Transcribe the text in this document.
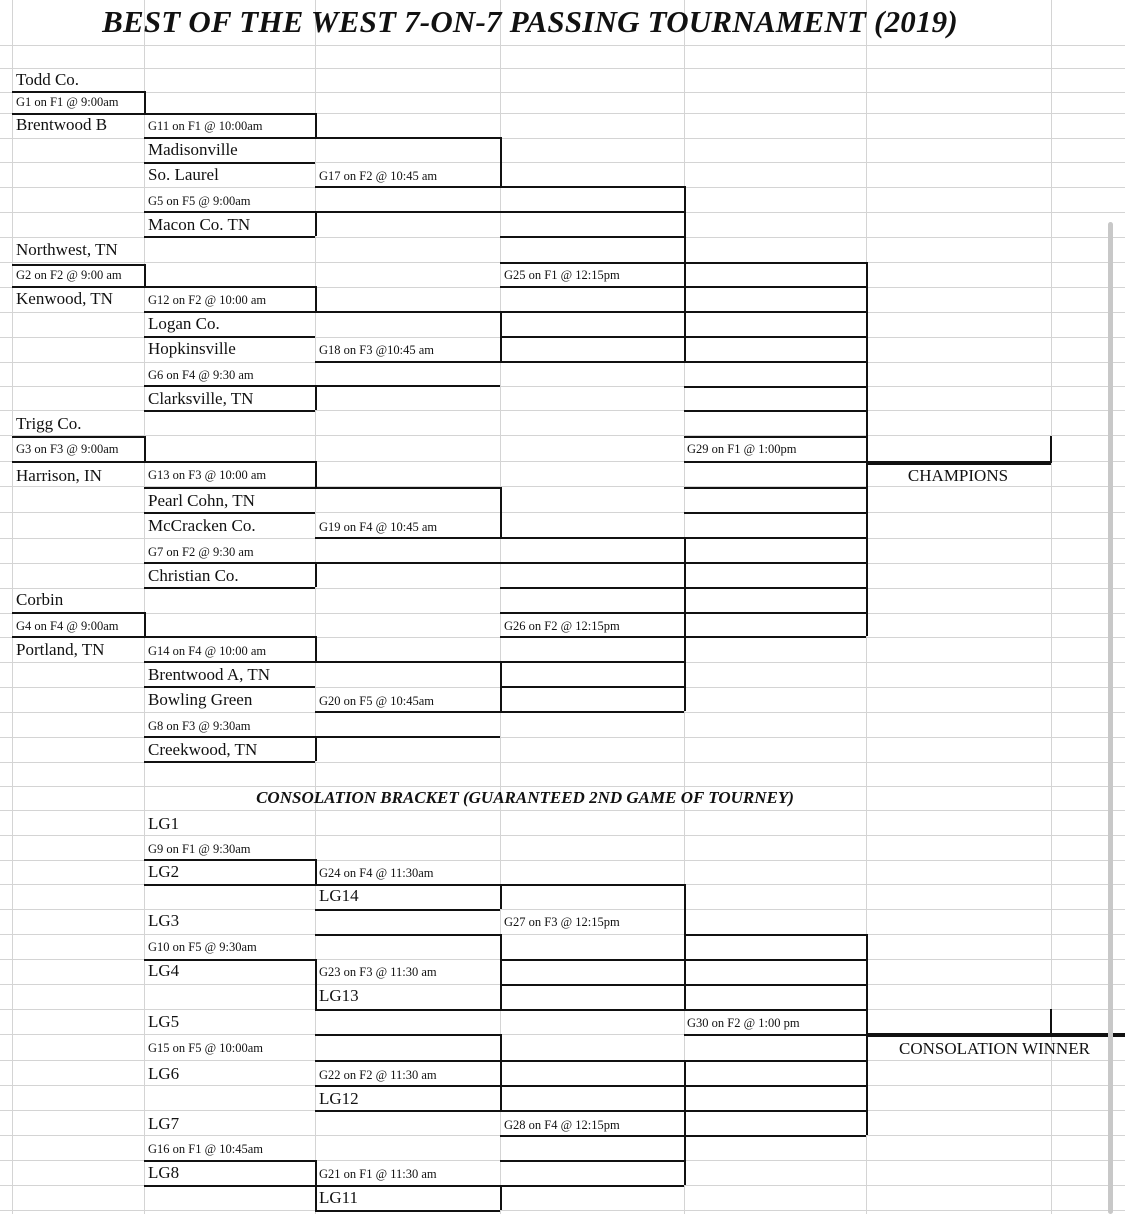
BEST OF THE WEST 7-ON-7 PASSING TOURNAMENT (2019)
Todd Co.
Brentwood B
Madisonville
So. Laurel
Macon Co. TN
Northwest, TN
Kenwood, TN
Logan Co.
Hopkinsville
Clarksville, TN
Trigg Co.
Harrison, IN
Pearl Cohn, TN
McCracken Co.
Christian Co.
Corbin
Portland, TN
Brentwood A, TN
Bowling Green
Creekwood, TN
G1 on F1 @ 9:00am
G11 on F1 @ 10:00am
G17 on F2 @ 10:45 am
G5 on F5 @ 9:00am
G2 on F2 @ 9:00 am	G25 on F1 @ 12:15pm
G12 on F2 @ 10:00 am
G18 on F3 @10:45 am
G6 on F4 @ 9:30 am
G3 on F3 @ 9:00am	G29 on F1 @ 1:00pm
G13 on F3 @ 10:00 am
G19 on F4 @ 10:45 am
G7 on F2 @ 9:30 am
G4 on F4 @ 9:00am	G26 on F2 @ 12:15pm
G14 on F4 @ 10:00 am
G20 on F5 @ 10:45am
G8 on F3 @ 9:30am
CHAMPIONS
CONSOLATION BRACKET (GUARANTEED 2ND GAME OF TOURNEY)
LG1
LG2
LG14
LG3
LG4
LG13
LG5
LG6
LG12
LG7
LG8
LG11
G9 on F1 @ 9:30am
G24 on F4 @ 11:30am
G27 on F3 @ 12:15pm
G10 on F5 @ 9:30am
G23 on F3 @ 11:30 am
G30 on F2 @ 1:00 pm
G15 on F5 @ 10:00am
G22 on F2 @ 11:30 am
G28 on F4 @ 12:15pm
G16 on F1 @ 10:45am
G21 on F1 @ 11:30 am
CONSOLATION WINNER
